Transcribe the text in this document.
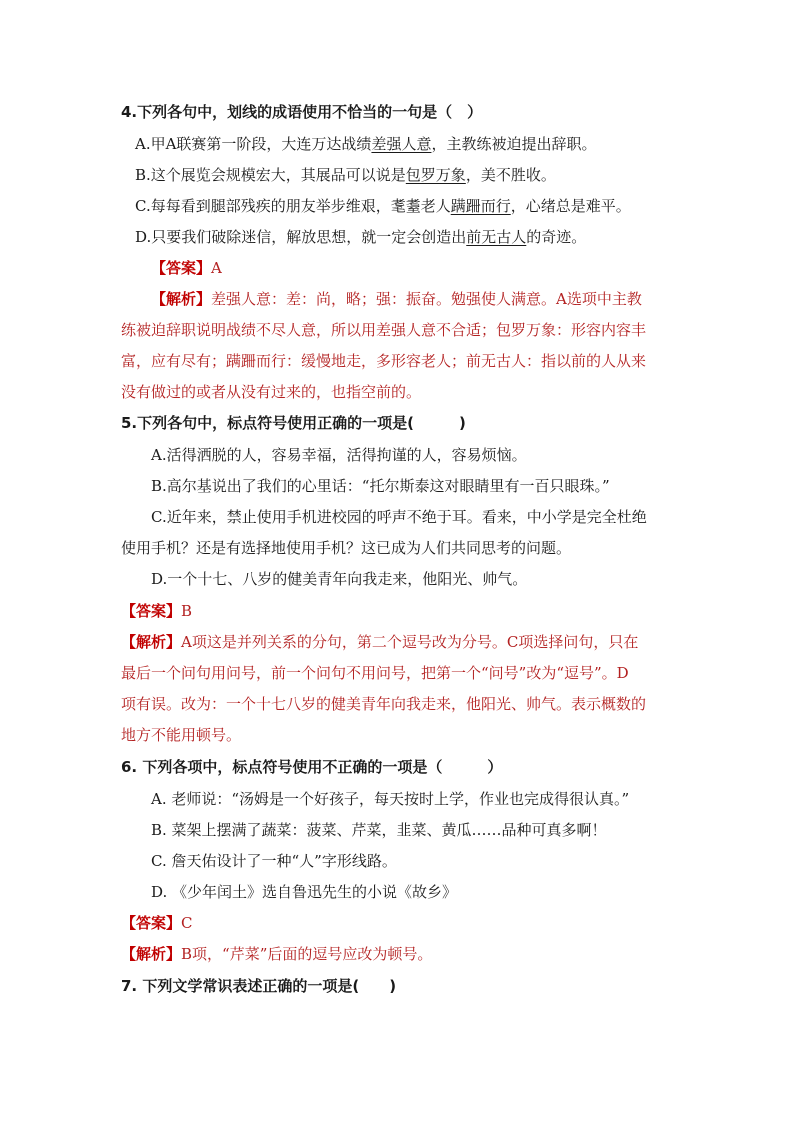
4.下列各句中，划线的成语使用不恰当的一句是（　）
A.甲A联赛第一阶段，大连万达战绩差强人意，主教练被迫提出辞职。
B.这个展览会规模宏大，其展品可以说是包罗万象，美不胜收。
C.每每看到腿部残疾的朋友举步维艰，耄耋老人蹒跚而行，心绪总是难平。
D.只要我们破除迷信，解放思想，就一定会创造出前无古人的奇迹。
【答案】A
【解析】差强人意：差：尚，略；强：振奋。勉强使人满意。A选项中主教
练被迫辞职说明战绩不尽人意，所以用差强人意不合适；包罗万象：形容内容丰
富，应有尽有；蹒跚而行：缓慢地走，多形容老人；前无古人：指以前的人从来
没有做过的或者从没有过来的，也指空前的。
5.下列各句中，标点符号使用正确的一项是(　　　)
A.活得洒脱的人，容易幸福，活得拘谨的人，容易烦恼。
B.高尔基说出了我们的心里话：“托尔斯泰这对眼睛里有一百只眼珠。”
C.近年来，禁止使用手机进校园的呼声不绝于耳。看来，中小学是完全杜绝
使用手机？还是有选择地使用手机？这已成为人们共同思考的问题。
D.一个十七、八岁的健美青年向我走来，他阳光、帅气。
【答案】B
【解析】A项这是并列关系的分句，第二个逗号改为分号。C项选择问句，只在
最后一个问句用问号，前一个问句不用问号，把第一个“问号”改为“逗号”。D
项有误。改为：一个十七八岁的健美青年向我走来，他阳光、帅气。表示概数的
地方不能用顿号。
6. 下列各项中，标点符号使用不正确的一项是（　　　）
A. 老师说：“汤姆是一个好孩子，每天按时上学，作业也完成得很认真。”
B. 菜架上摆满了蔬菜：菠菜、芹菜，韭菜、黄瓜……品种可真多啊！
C. 詹天佑设计了一种“人”字形线路。
D. 《少年闰土》选自鲁迅先生的小说《故乡》
【答案】C
【解析】B项，“芹菜”后面的逗号应改为顿号。
7. 下列文学常识表述正确的一项是(　　)
